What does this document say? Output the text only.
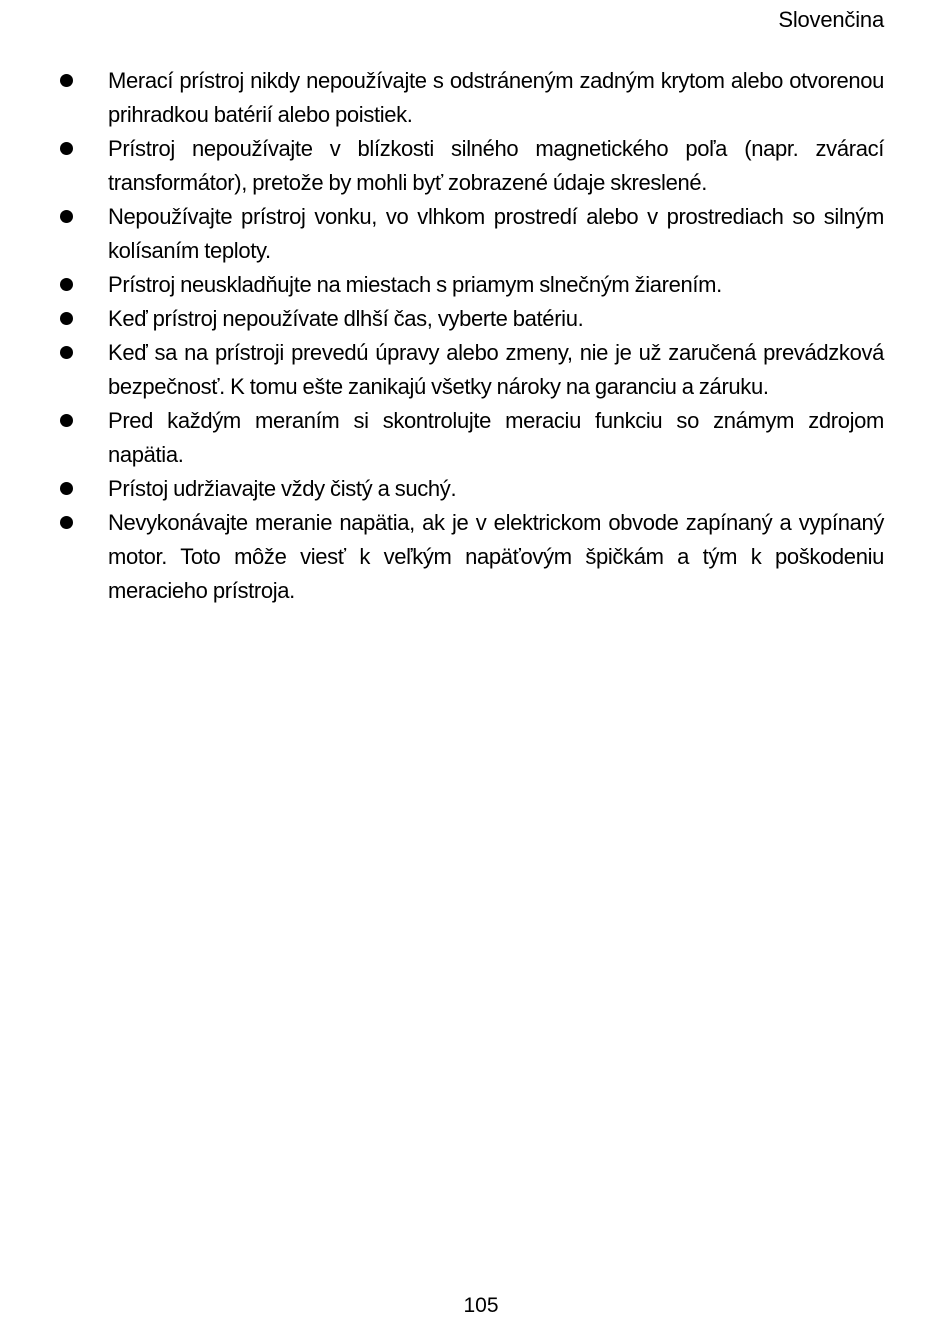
Slovenčina
Merací prístroj nikdy nepoužívajte s odstráneným zadným krytom alebo otvorenou prihradkou batérií alebo poistiek.
Prístroj nepoužívajte v blízkosti silného magnetického poľa (napr. zvárací transformátor), pretože by mohli byť zobrazené údaje skreslené.
Nepoužívajte prístroj vonku, vo vlhkom prostredí alebo v prostrediach so silným kolísaním teploty.
Prístroj neuskladňujte na miestach s priamym slnečným žiarením.
Keď prístroj nepoužívate dlhší čas, vyberte batériu.
Keď sa na prístroji prevedú úpravy alebo zmeny, nie je už zaručená prevádzková bezpečnosť. K tomu ešte zanikajú všetky nároky na garanciu a záruku.
Pred každým meraním si skontrolujte meraciu funkciu so známym zdrojom napätia.
Prístoj udržiavajte vždy čistý a suchý.
Nevykonávajte meranie napätia, ak je v elektrickom obvode zapínaný a vypínaný motor. Toto môže viesť k veľkým napäťovým špičkám a tým k poškodeniu meracieho prístroja.
105
